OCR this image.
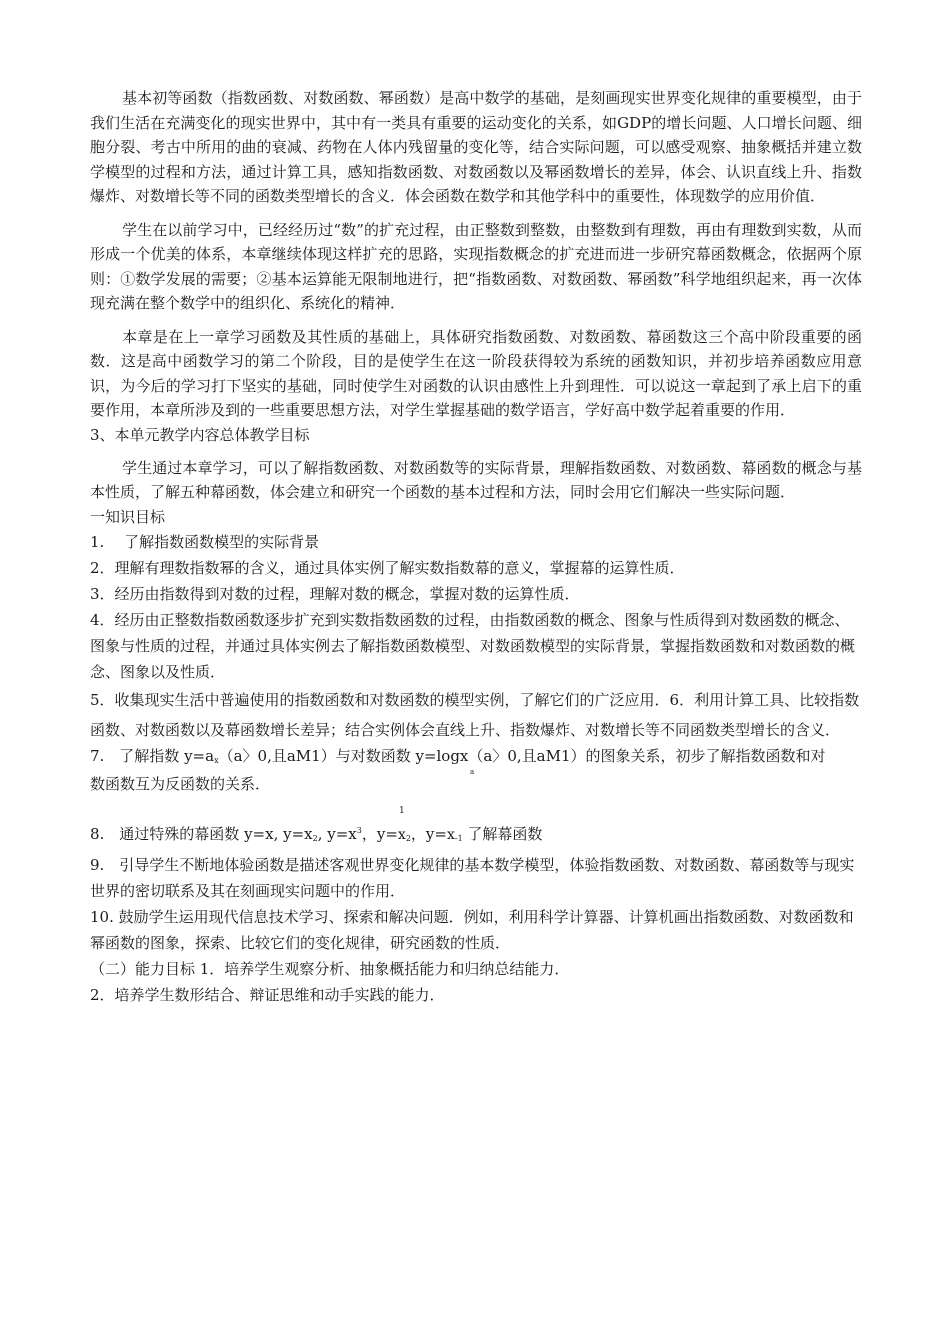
基本初等函数（指数函数、对数函数、幂函数）是高中数学的基础，是刻画现实世界变化规律的重要模型，由于我们生活在充满变化的现实世界中，其中有一类具有重要的运动变化的关系，如GDP的增长问题、人口增长问题、细胞分裂、考古中所用的曲的衰减、药物在人体内残留量的变化等，结合实际问题，可以感受观察、抽象概括并建立数学模型的过程和方法，通过计算工具，感知指数函数、对数函数以及幂函数增长的差异，体会、认识直线上升、指数爆炸、对数增长等不同的函数类型增长的含义．体会函数在数学和其他学科中的重要性，体现数学的应用价值．

学生在以前学习中，已经经历过“数”的扩充过程，由正整数到整数，由整数到有理数，再由有理数到实数，从而形成一个优美的体系，本章继续体现这样扩充的思路，实现指数概念的扩充进而进一步研究幕函数概念，依据两个原则：①数学发展的需要；②基本运算能无限制地进行，把“指数函数、对数函数、幂函数”科学地组织起来，再一次体现充满在整个数学中的组织化、系统化的精神．

本章是在上一章学习函数及其性质的基础上，具体研究指数函数、对数函数、幕函数这三个高中阶段重要的函数．这是高中函数学习的第二个阶段，目的是使学生在这一阶段获得较为系统的函数知识，并初步培养函数应用意识，为今后的学习打下坚实的基础，同时使学生对函数的认识由感性上升到理性．可以说这一章起到了承上启下的重要作用，本章所涉及到的一些重要思想方法，对学生掌握基础的数学语言，学好高中数学起着重要的作用．

3、本单元教学内容总体教学目标

学生通过本章学习，可以了解指数函数、对数函数等的实际背景，理解指数函数、对数函数、幕函数的概念与基本性质，了解五种幕函数，体会建立和研究一个函数的基本过程和方法，同时会用它们解决一些实际问题．

一知识目标

1.　 了解指数函数模型的实际背景

2．理解有理数指数幂的含义，通过具体实例了解实数指数幕的意义，掌握幕的运算性质．

3．经历由指数得到对数的过程，理解对数的概念，掌握对数的运算性质．

4．经历由正整数指数函数逐步扩充到实数指数函数的过程，由指数函数的概念、图象与性质得到对数函数的概念、图象与性质的过程，并通过具体实例去了解指数函数模型、对数函数模型的实际背景，掌握指数函数和对数函数的概念、图象以及性质．

5．收集现实生活中普遍使用的指数函数和对数函数的模型实例，了解它们的广泛应用．6．利用计算工具、比较指数函数、对数函数以及幕函数增长差异；结合实例体会直线上升、指数爆炸、对数增长等不同函数类型增长的含义．

7.　了解指数 $y=a_x(a$〉0,且aM1）与对数函数 y=logx（a〉0,且aM1）的图象关系，初步了解指数函数和对

a
数函数互为反函数的关系．

1
8.　通过特殊的幕函数 y=x, $y=x_2$, $y=x^3$，$y=x_2$，$y=x_{-1}$ 了解幕函数

9.　引导学生不断地体验函数是描述客观世界变化规律的基本数学模型，体验指数函数、对数函数、幕函数等与现实世界的密切联系及其在刻画现实问题中的作用．

10. 鼓励学生运用现代信息技术学习、探索和解决问题．例如，利用科学计算器、计算机画出指数函数、对数函数和幂函数的图象，探索、比较它们的变化规律，研究函数的性质．

（二）能力目标 1．培养学生观察分析、抽象概括能力和归纳总结能力．

2．培养学生数形结合、辩证思维和动手实践的能力．
